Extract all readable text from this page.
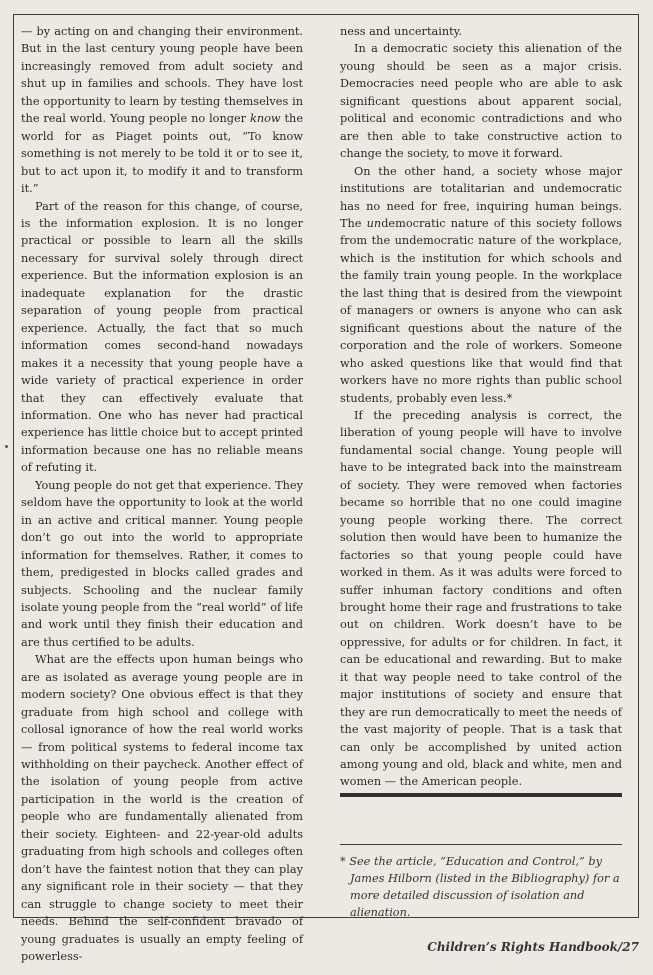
— by acting on and changing their environment. But in the last century young people have been increasingly removed from adult society and shut up in families and schools. They have lost the opportunity to learn by testing themselves in the real world. Young people no longer know the world for as Piaget points out, “To know something is not merely to be told it or to see it, but to act upon it, to modify it and to transform it.”

Part of the reason for this change, of course, is the information explosion. It is no longer practical or possible to learn all the skills necessary for survival solely through direct experience. But the information explosion is an inadequate explanation for the drastic separation of young people from practical experience. Actually, the fact that so much information comes second-hand nowadays makes it a necessity that young people have a wide variety of practical experience in order that they can effectively evaluate that information. One who has never had practical experience has little choice but to accept printed information because one has no reliable means of refuting it.

Young people do not get that experience. They seldom have the opportunity to look at the world in an active and critical manner. Young people don’t go out into the world to appropriate information for themselves. Rather, it comes to them, predigested in blocks called grades and subjects. Schooling and the nuclear family isolate young people from the “real world” of life and work until they finish their education and are thus certified to be adults.

What are the effects upon human beings who are as isolated as average young people are in modern society? One obvious effect is that they graduate from high school and college with collosal ignorance of how the real world works — from political systems to federal income tax withholding on their paycheck. Another effect of the isolation of young people from active participation in the world is the creation of people who are fundamentally alienated from their society. Eighteen- and 22-year-old adults graduating from high schools and colleges often don’t have the faintest notion that they can play any significant role in their society — that they can struggle to change society to meet their needs. Behind the self-confident bravado of young graduates is usually an empty feeling of powerless-

ness and uncertainty.

In a democratic society this alienation of the young should be seen as a major crisis. Democracies need people who are able to ask significant questions about apparent social, political and economic contradictions and who are then able to take constructive action to change the society, to move it forward.

On the other hand, a society whose major institutions are totalitarian and undemocratic has no need for free, inquiring human beings. The undemocratic nature of this society follows from the undemocratic nature of the workplace, which is the institution for which schools and the family train young people. In the workplace the last thing that is desired from the viewpoint of managers or owners is anyone who can ask significant questions about the nature of the corporation and the role of workers. Someone who asked questions like that would find that workers have no more rights than public school students, probably even less.*

If the preceding analysis is correct, the liberation of young people will have to involve fundamental social change. Young people will have to be integrated back into the mainstream of society. They were removed when factories became so horrible that no one could imagine young people working there. The correct solution then would have been to humanize the factories so that young people could have worked in them. As it was adults were forced to suffer inhuman factory conditions and often brought home their rage and frustrations to take out on children. Work doesn’t have to be oppressive, for adults or for children. In fact, it can be educational and rewarding. But to make it that way people need to take control of the major institutions of society and ensure that they are run democratically to meet the needs of the vast majority of people. That is a task that can only be accomplished by united action among young and old, black and white, men and women — the American people.

* See the article, “Education and Control,” by James Hilborn (listed in the Bibliography) for a more detailed discussion of isolation and alienation.
Children’s Rights Handbook/27
